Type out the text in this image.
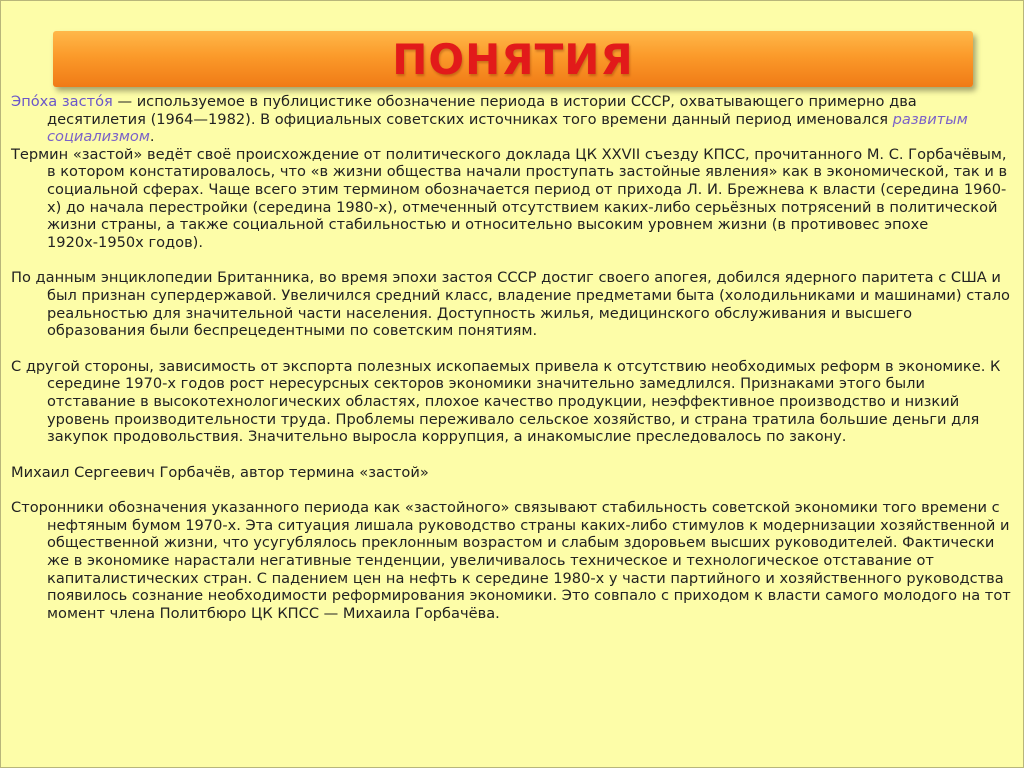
ПОНЯТИЯ

Эпо́ха засто́я — используемое в публицистике обозначение периода в истории СССР, охватывающего примерно два десятилетия (1964—1982). В официальных советских источниках того времени данный период именовался развитым социализмом.

Термин «застой» ведёт своё происхождение от политического доклада ЦК XXVII съезду КПСС, прочитанного М. С. Горбачёвым, в котором констатировалось, что «в жизни общества начали проступать застойные явления» как в экономической, так и в социальной сферах. Чаще всего этим термином обозначается период от прихода Л. И. Брежнева к власти (середина 1960-х) до начала перестройки (середина 1980-х), отмеченный отсутствием каких-либо серьёзных потрясений в политической жизни страны, а также социальной стабильностью и относительно высоким уровнем жизни (в противовес эпохе 1920х-1950х годов).

По данным энциклопедии Британника, во время эпохи застоя СССР достиг своего апогея, добился ядерного паритета с США и был признан супердержавой. Увеличился средний класс, владение предметами быта (холодильниками и машинами) стало реальностью для значительной части населения. Доступность жилья, медицинского обслуживания и высшего образования были беспрецедентными по советским понятиям.

С другой стороны, зависимость от экспорта полезных ископаемых привела к отсутствию необходимых реформ в экономике. К середине 1970-х годов рост нересурсных секторов экономики значительно замедлился. Признаками этого были отставание в высокотехнологических областях, плохое качество продукции, неэффективное производство и низкий уровень производительности труда. Проблемы переживало сельское хозяйство, и страна тратила большие деньги для закупок продовольствия. Значительно выросла коррупция, а инакомыслие преследовалось по закону.

Михаил Сергеевич Горбачёв, автор термина «застой»

Сторонники обозначения указанного периода как «застойного» связывают стабильность советской экономики того времени с нефтяным бумом 1970-х. Эта ситуация лишала руководство страны каких-либо стимулов к модернизации хозяйственной и общественной жизни, что усугублялось преклонным возрастом и слабым здоровьем высших руководителей. Фактически же в экономике нарастали негативные тенденции, увеличивалось техническое и технологическое отставание от капиталистических стран. С падением цен на нефть к середине 1980-х у части партийного и хозяйственного руководства появилось сознание необходимости реформирования экономики. Это совпало с приходом к власти самого молодого на тот момент члена Политбюро ЦК КПСС — Михаила Горбачёва.
